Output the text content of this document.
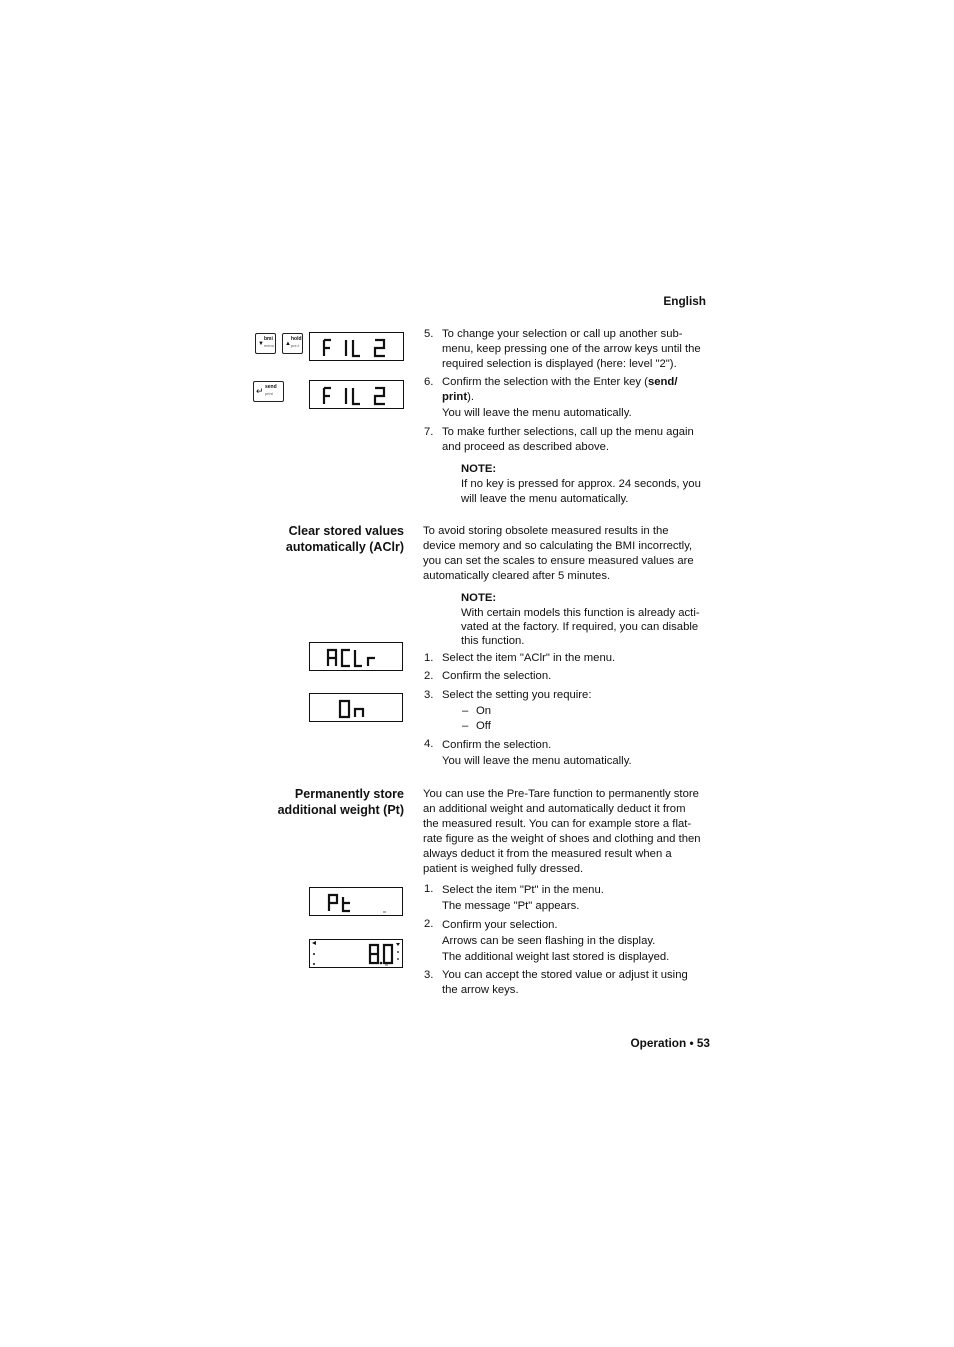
English
▼
bmi
menu ▲
hold
pre-t
↵ send
print
5. To change your selection or call up another sub-
menu, keep pressing one of the arrow keys until the
required selection is displayed (here: level "2").
6. Confirm the selection with the Enter key (send/
print).
You will leave the menu automatically.
7. To make further selections, call up the menu again
and proceed as described above.
NOTE:
If no key is pressed for approx. 24 seconds, you
will leave the menu automatically.
Clear stored values
automatically (AClr)
To avoid storing obsolete measured results in the
device memory and so calculating the BMI incorrectly,
you can set the scales to ensure measured values are
automatically cleared after 5 minutes.
NOTE:
With certain models this function is already acti-
vated at the factory. If required, you can disable
this function.
1. Select the item "AClr" in the menu.
2. Confirm the selection.
3. Select the setting you require:
– On
– Off
4. Confirm the selection.
You will leave the menu automatically.
Permanently store
additional weight (Pt)
You can use the Pre-Tare function to permanently store
an additional weight and automatically deduct it from
the measured result. You can for example store a flat-
rate figure as the weight of shoes and clothing and then
always deduct it from the measured result when a
patient is weighed fully dressed.
1. Select the item "Pt" in the menu.
The message "Pt" appears.
2. Confirm your selection.
Arrows can be seen flashing in the display.
The additional weight last stored is displayed.
3. You can accept the stored value or adjust it using
the arrow keys.
Operation • 53
